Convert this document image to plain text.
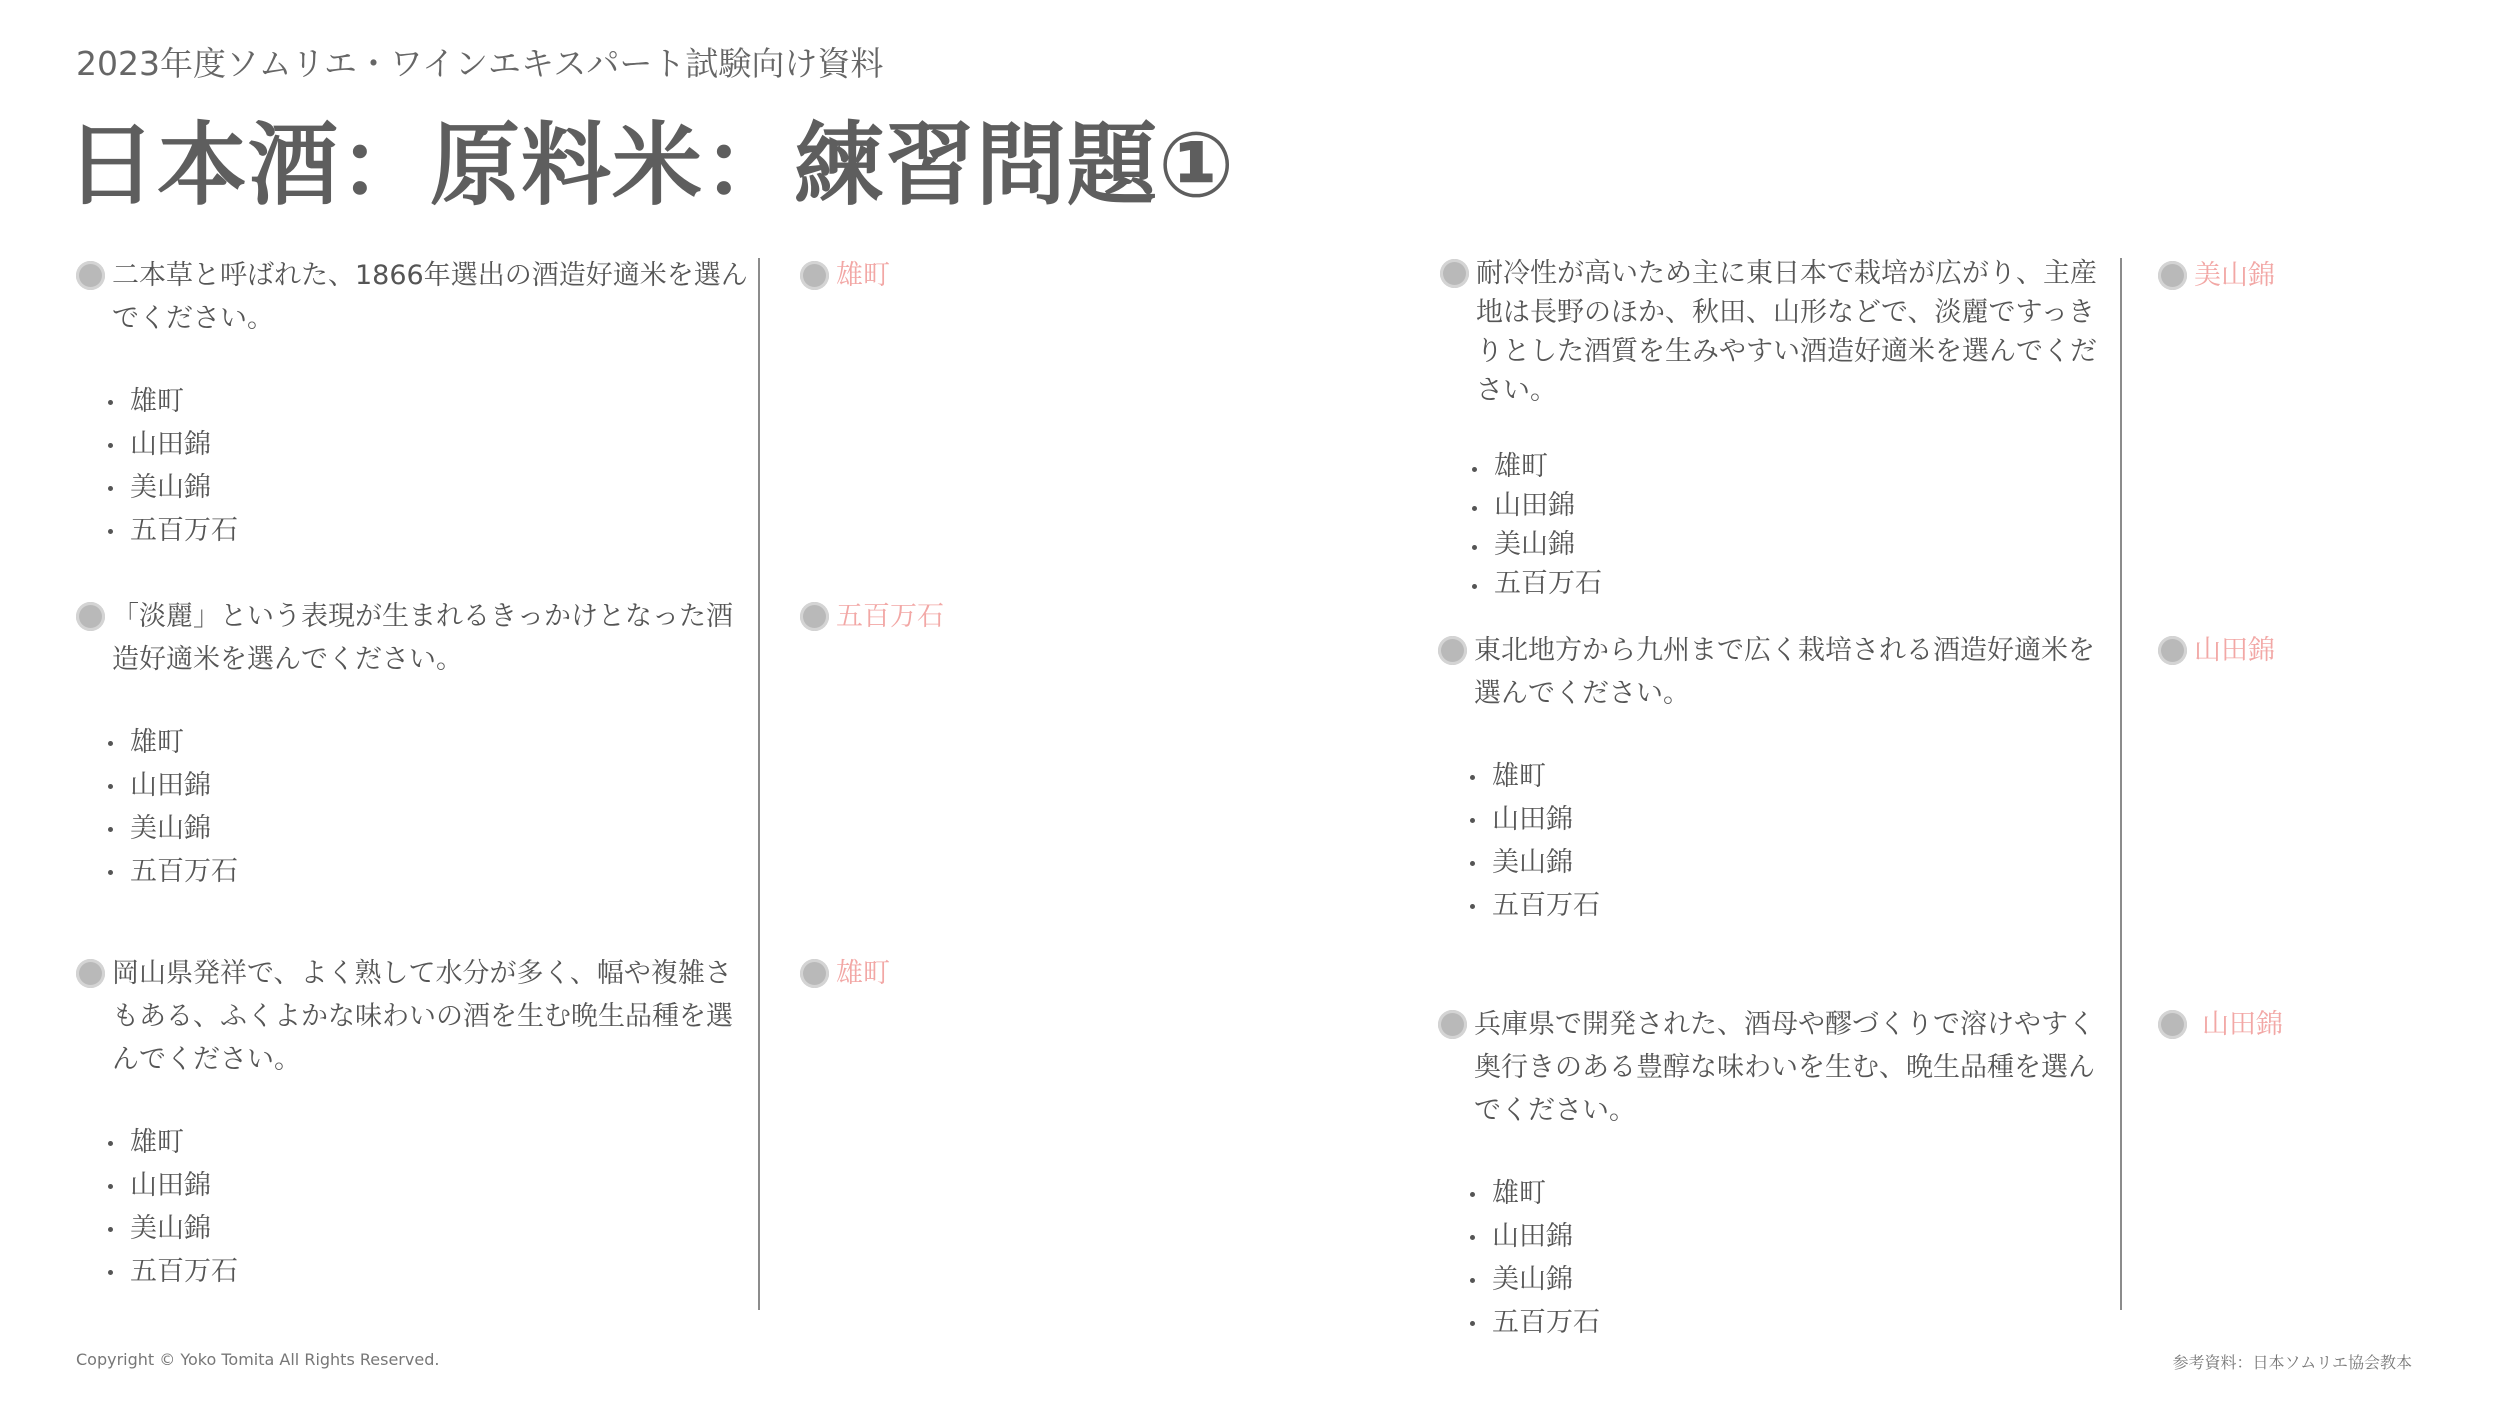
2023年度ソムリエ・ワインエキスパート試験向け資料
日本酒：原料米：練習問題①

二本草と呼ばれた、1866年選出の酒造好適米を選んでください。

雄町
山田錦
美山錦
五百万石
雄町

「淡麗」という表現が生まれるきっかけとなった酒造好適米を選んでください。

雄町
山田錦
美山錦
五百万石
五百万石

岡山県発祥で、よく熟して水分が多く、幅や複雑さもある、ふくよかな味わいの酒を生む晩生品種を選んでください。

雄町
山田錦
美山錦
五百万石
雄町

耐冷性が高いため主に東日本で栽培が広がり、主産地は長野のほか、秋田、山形などで、淡麗ですっきりとした酒質を生みやすい酒造好適米を選んでください。

雄町
山田錦
美山錦
五百万石
美山錦

東北地方から九州まで広く栽培される酒造好適米を選んでください。

雄町
山田錦
美山錦
五百万石
山田錦

兵庫県で開発された、酒母や醪づくりで溶けやすく奥行きのある豊醇な味わいを生む、晩生品種を選んでください。

雄町
山田錦
美山錦
五百万石
山田錦
Copyright © Yoko Tomita All Rights Reserved.	参考資料：日本ソムリエ協会教本
